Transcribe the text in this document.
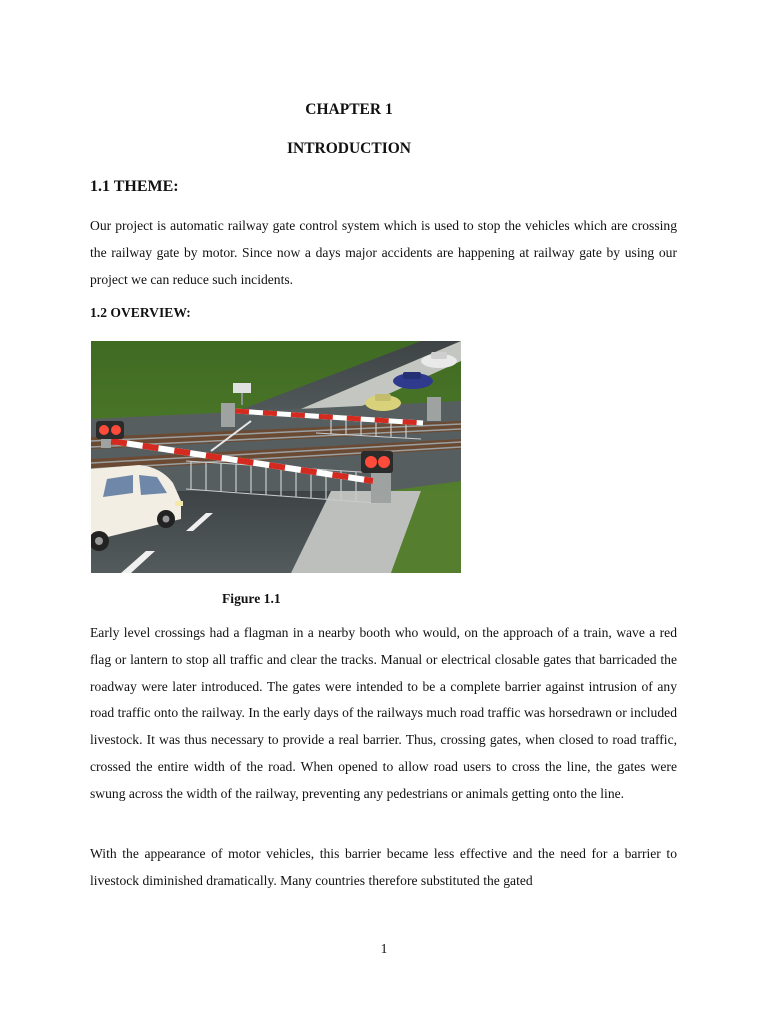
CHAPTER 1
INTRODUCTION
1.1 THEME:

Our project is automatic railway gate control system which is used to stop the vehicles which are crossing the railway gate by motor. Since now a days major accidents are happening at railway gate by using our project we can reduce such incidents.

1.2 OVERVIEW:
Figure 1.1

Early level crossings had a flagman in a nearby booth who would, on the approach of a train, wave a red flag or lantern to stop all traffic and clear the tracks. Manual or electrical closable gates that barricaded the roadway were later introduced. The gates were intended to be a complete barrier against intrusion of any road traffic onto the railway. In the early days of the railways much road traffic was horsedrawn or included livestock. It was thus necessary to provide a real barrier. Thus, crossing gates, when closed to road traffic, crossed the entire width of the road. When opened to allow road users to cross the line, the gates were swung across the width of the railway, preventing any pedestrians or animals getting onto the line.

With the appearance of motor vehicles, this barrier became less effective and the need for a barrier to livestock diminished dramatically. Many countries therefore substituted the gated

1
